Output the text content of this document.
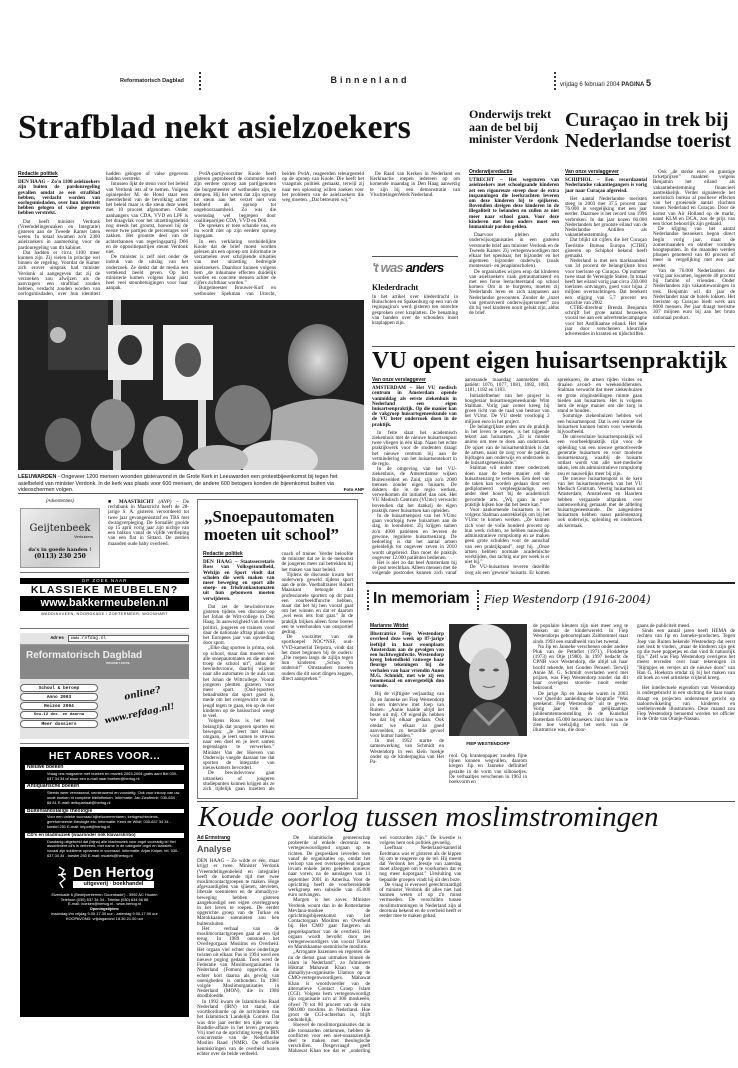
Reformatorisch Dagblad	Binnenland	vrijdag 6 februari 2004 PAGINA 5
Strafblad nekt asielzoekers

Redactie politiek

DEN HAAG – Zo'n 1100 asielzoekers zijn buiten de pardonregeling gevallen omdat ze een strafblad hebben, verdacht worden van oorlogsmisdaden, over hun identiteit hebben gelogen of valse gegevens hebben verstrekt.

Dat heeft minister Verdonk (Vreemdelingenzaken en Integratie) gisteren aan de Tweede Kamer laten weten. In totaal kwamen zo'n 2300 asielzoekers in aanmerking voor de pardonregeling van dit kabinet.

Dat hadden er circa 1100 meer kunnen zijn. Zij vielen in principe wel binnen de regeling. Voordat de Kamer zich erover uitsprak had minister Verdonk al aangegeven dat zij de verzoeken zou afwijzen als de aanvragers een strafblad zouden hebben, verdacht zouden worden van oorlogsmisdaden, over hun identiteit hadden gelogen of valse gegevens hadden verstrekt.

Intussen lijkt de steun voor het beleid van Verdonk iets af te nemen. Volgens opiniepeiler M. de Hond staat een meerderheid van de bevolking achter het beleid maar is die steun deze week met 10 procent afgenomen. Onder aanhangers van CDA, VVD en LPF is het draagvlak voor het uitzettingsbeleid nog steeds het grootst, hoewel bij de eerste twee partijen de percentages wel zakken. Het grootste deel van de achterbannen van regeringspartij D66 en de oppositiepartijen steunt Verdonk niet.

De minister is zelf niet onder de indruk van de uitslag van het onderzoek. Ze denkt dat de media een vertekend beeld geven. Op het ministerie komen volgens haar juist heel veel steunbetuigingen voor haar aanpak.

PvdA-partijvoorzitter Koole heeft gisteren geprobeerd de commotie rond zijn eerdere oproep aan partijgenoten die burgemeester of wethouder zijn, te dempen. Hij liet weten dat zijn oproep tot steun aan het verzet niet was bedoeld als oproep tot ongehoorzaamheid. Zo was die woensdag wel begrepen door coalitiepartijen CDA, VVD en D66.

De sprekers er toen schande van, en nu wordt niet op zijn eerdere oproep ingegaan.

In een verklaring verduidelijkte Koole dat de brief moest worden gelezen als een oproep om informatie te verzamelen over schrijnende situaties van met uitzetting bedreigde asielzoekers. Daardoor kunnen volgens hem „de inhumane effecten duidelijk worden en concrete mensen achter de cijfers zichtbaar worden.”

Burgemeester Brouwer-Korf en wethouder Spekman van Utrecht, beiden PvdA, reageerden teleurgesteld op de oproep van Koole. Die heeft het vraagstuk politiek gemaakt, terwijl zij naar een oplossing willen zoeken voor het probleem van de asielzoekers die weg moeten. „Dat betreuren wij.”

De Raad van Kerken in Nederland en Kerkinactie roepen iedereen op om komende maandag in Den Haag aanwezig te zijn bij een demonstratie van VluchtelingenWerk Nederland.

LEEUWARDEN - Ongeveer 1200 mensen woonden gisteravond in de Grote Kerk in Leeuwarden een protestbijeenkomst bij tegen het asielbeleid van minister Verdonk. In de kerk was plaats voor 600 mensen, de andere 600 betogers konden de bijeenkomst buiten via videoschermen volgen.	Foto ANP
't was anders
Klederdracht

In het artikel over klederdracht in Bunschoten en Spakenburg op een van de regiopagina's werd gisteren ten onrechte gesproken over kraplatten. De benaming van banden over de schouders moet kraplappen zijn.

Onderwijs trekt aan de bel bij minister Verdonk

Onderwijsredactie

UTRECHT – Het wegsturen van asielzoekers met schoolgaande kinderen zet een rigoureuze streep door de extra inspanningen die leerkrachten leveren om deze kinderen bij te spijkeren. Bovendien dreigen deze kinderen in de illegaliteit te belanden en zullen ze niet meer naar school gaan. Voor deze kinderen met hun ouders moet een humanitair pardon gelden.

Daarvoor pleiten acht onderwijsorganisaties in een gisteren verstuurde brief aan minister Verdonk en de Tweede Kamer. Zij vertegenwoordigen met elkaar het openbaar, het bijzonder en het algemeen bijzonder onderwijs (zoals montessori- en jenaplanscholen).

De organisaties wijzen erop dat kinderen van asielzoekers vaak getraumatiseerd en met een forse leerachterstand op school komen. Om in te burgeren, moeten zij Nederlands leren en zich aanpassen aan Nederlandse gewoonten. Zonder de „inzet van gemotiveerd onderwijspersoneel” zou dit bij veel kinderen nooit gelukt zijn, aldus de brief.

Curaçao in trek bij Nederlandse toerist

Van onze verslaggever

SCHIPHOL – Een recordaantal Nederlandse vakantiegangers is vorig jaar naar Curaçao afgereisd.

Het aantal Nederlandse toeristen steeg in 2003 met 37,5 procent naar 76.000 in vergelijking met een jaar eerder. Daarmee is het record van 1996 verbroken. In dat jaar kozen 66.000 Nederlanders het grootste eiland van de Nederlandse Antillen als vakantiebestemming.

Dat blijkt uit cijfers die het Curaçao Toerisme Bureau Europa (CTBE) gisteren op Schiphol bekend heeft gemaakt.

Nederland is met een marktaandeel van 34 procent de belangrijkste bron voor toerisme op Curaçao. Op nummer twee staat de Verenigde Staten. In totaal heeft het eiland vorig jaar circa 230.000 toeristen ontvangen, goed voor bijna 2 miljoen overnachtingen. Dat betekent een stijging van 5,7 procent ten opzichte van 2002.

CTBE-directeur Brenda Benjamin schrijft het grote aantal bezoekers vooral toe aan een advertentiecampagne voor het Antilliaanse eiland. Het hele jaar door verschenen kleurrijke advertenties in kranten en tijdschriften.

Ook „de sterke euro en gunstige ticketprijzen” maakten volgens Benjamin het eiland als vakantiebestemming financieel aantrekkelijk. Verder signaleerde het toeristisch bureau al positieve effecten van het groeiende aantal vluchten tussen Nederland en Curaçao. Door de komst van Air Holland op de markt, naast KLM en DCA, zou de prijs van een ticket behoorlijk zijn gedaald.

De stijging van het aantal Nederlandse bezoekers begon direct begin vorig jaar, maar de zomermaanden en oktober vormden hoogtepunten. In die maanden werden pluspen genoteerd van 60 procent of meer in vergelijking met een jaar eerder.

Van de 76.000 Nederlanders die vorig jaar kwamen, logeerde 40 procent bij familie of vrienden. Onder Nederlanders zijn vakantiewoningen in trek. Benjamin wil dit jaar de Nederlander naar de hotels lokken. Het toerisme op Curaçao biedt werk aan 8000 mensen. Per jaar draagt toerisme 307 miljoen euro bij aan het bruto nationaal product.

VU opent eigen huisartsenpraktijk

Van onze verslaggever

AMSTERDAM – Het VU medisch centrum in Amsterdam opende vanmiddag als eerste ziekenhuis in Nederland een eigen huisartsenpraktijk. Op die manier kan de vakgroep huisartsgeneeskunde van de VU beter onderzoek doen in de praktijk.

In feite slaat het academisch ziekenhuis met de nieuwe huisartsenpost twee vliegen in één klap. Naast het echte praktijkwerk voor de studenten draagt het nieuwe centrum bij aan de vermindering van het huisartsentekort in de regio.

In de omgeving van het VU-ziekenhuis, de Amsterdamse wijken Buitenveldert en Zuid, zijn zo'n 2000 mensen zonder eigen huisarts. De dokters die in de regio werken, verwelkomen dit initiatief dan ook. Het VU Medisch Centrum (VUmc) verwacht bovendien dat het dankzij de eigen praktijk meer huisartsen kan opleiden.

In de huisartsenpost van het VUmc gaan voorlopig twee huisartsen aan de slag, in loondienst. Zij krijgen samen zo'n 4000 patiënten en leveren de gewone, reguliere huisartsenzorg. De bedoeling is dat het aantal artsen geleidelijk tot ongeveer zeven in 2010 wordt uitgebreid. Dan moet de praktijk ongeveer 12.000 patiënten bedienen.

Het is niet zo dat heel Amsterdam bij de post terechtkan. Alleen mensen met de volgende postcodes kunnen zich vanaf aanstaande maandag aanmelden als patiënt: 1076, 1077, 1081, 1082, 1083, 1181, 1182 en 1183.

Initiatiefnemer van het project is hoogleraar huisartsengeneeskunde Wim Stalman. Vorig jaar zomer kreeg hij groen licht van de raad van bestuur van het VUmc. De VU steekt voorlopig 2 miljoen euro in het project.

De belangrijkste reden om de praktijk in het leven te roepen, is het nijpende tekort aan huisartsen. „Er is minder animo om mee te doen aan onderzoek. De opzet van de huisartsenkliniek is dat de artsen, naast de zorg voor de patiënt, bijdragen aan onderwijs en onderzoek in de huisartsgeneeskunde.”

Stalman wil onder meer onderzoek doen naar de beste manier om de huisartsenzorg te verlenen. Een deel van de taken kan worden gedaan door een gediplomeerd verpleegkundige, een ander deel hoort bij de academisch gevormde arts. „Wij gaan in onze praktijk kijken hoe dat het beste kan.”

Voor aankomende huisartsen is het volgens Stalman aantrekkelijk om bij het VUmc te komen werken. „Ze kunnen zich voor de volle honderd procent op hun werk richten, ze hebben nauwelijks administratieve rompslomp en ze maken geen grote schulden voor de aanschaf van een praktijkpand”, zegt hij. „Onze artsen hebben normale academische werktijden, dus tachtig uur per week is er niet bij.”

De VU-huisartsen leveren dezelfde zorg als een 'gewone' huisarts. Er komen spreekuren, de artsen rijden visites en draaien avond- en weekenddiensten. Stalman verwacht dat meer ziekenhuizen en grote zorginstellingen ruimte gaan bieden aan huisartsen. Het is volgens hem de enige manier om die zorg in stand te houden.

Sommige ziekenhuizen hebben wel een huisartsenpost. Dat is een ruimte die huisartsen kunnen huren voor weekends bijvoorbeeld.

De universitaire huisartsenpraktijk wil een voorbeeldpraktijk zijn voor de opleiding van een nieuwe gemotiveerde generatie huisartsen en voor moderne huisartsenzorg, waarbij de huisarts ontlast wordt van alle niet-medische taken, iets als administratieve rompslomp zou er nauwelijks meer bij zijn.

De nieuwe huisartsenpost is de kern van het huisartsennetwerk van het VU Medisch Centrum. Veertig huisartsen uit Amsterdam, Amstelveen en Haarlem hebben vergaande afspraken over samenwerking gemaakt met de afdeling huisartsgeneeskunde. De aangesloten huisartsen hebben naast patiëntenzorg ook onderwijs, opleiding en onderzoek als kerntaak.

(Advertenties)
Geijtenbeek
Verhuizers
da's in goede handen !
(0113) 230 250

■ MAASTRICHT (ANP) – De rechtbank in Maastricht heeft de 28-jarige S. A. gisteren veroordeeld tot twee jaar gevangenisstraf en TBS met dwangverpleging. De Somaliër gooide op 15 april vorig jaar zijn nichtje van een balkon vanaf de vijfde verdieping van een flat in Sittard. De zestien maanden oude baby overleed.

OP ZOEK NAAR
KLASSIEKE MEUBELEN?
www.bakkermeubelen.nl
WADDINXVEEN: NOORDKADE / ZOETERMEER: WOONHART
Adres	www.refdag.nl
Reformatorisch Dagblad
INTERNET EDITIE
School & beroep
Anno 2003
Reizen 2004
Sow-12 dec. en daarna
Meer dossiers
online?
www.refdag.nl!
HET ADRES VOOR...
Nieuwe boeken
Vraag ons magazine met boeken en muziek 2003-2004 gratis aan! Bel 030-637 34 34 of stuur een e-mail naar boeken@hertog.nl.
Antiquarische boeken
Steeds weer verrassend, vernieuwend en voordelig. Ook voor inkoop van uw oude boeken of complete bibliotheken. Informatie: Jan Zwoferink: 030-634 66 81 E-mail: antiquariaat@hertog.nl
Buitenlandstalige theologie
Voor een unieke voorraad bijbelcommentaren, kerkgeschiedenis, gereformeerde theologie etc. Informatie: Kees de Wildt: 030-637 34 34 - toestel 251 E-mail: import@hertog.nl
CD's en bladmuziek (waaronder ook klavarskribo)
Dusdanig uitgebreid dat (bijna) alle bladmuziek voor orgel voorradig is! Het assortiment cd's is verbreed, met name in de categorie orgel en klassiek-vocaal zijn sublieme opnamen in voorraad. Informatie: Arjan Kuiper, tel. 030-637 34 34 - toestel 250 E-mail: muziek@hertog.nl
Den Hertog
uitgeverij · boekhandel
Elzenkade 6 (Bedrijventerrein 'Doornkade') - 3992 AC Houten
Telefoon (030) 637 34 34 - Telefax (030) 634 66 88
E-mail: boeken@hertog.nl - www.hertog.nl
Openingstijden:
maandag t/m vrijdag 9.00-17.30 uur - zaterdag 9.00-17.00 uur
KOOPAVOND: vrijdagavond 18.30-21.00 uur
„Snoepautomaten moeten uit school”

Redactie politiek

DEN HAAG – Staatssecretaris Ross van Volksgezondheid, Welzijn en Sport vindt dat scholen die werk maken van meer beweging en sport alle snoep- en frisdrankautomaten uit hun gebouwen moeten verwijderen.

Dat zei de bewindsvrouw gisteren tijdens een discussie op het Johan de Witt-college in Den Haag. In aanwezigheid van diverse politici, jongeren en trainers vond daar de nationale aftrap plaats van het Europees jaar van opvoeding door sport.

„Elke dag sporten is prima, ook op school, maar dan moeten wel alle snoepautomaten en die andere troep de school uit”, aldus de bewindsvrouw, daarbij wijzend naar alle automaten in de aula van het Johan de Wittcollege. Vooral jongeren pleitten gisteren voor meer sport. (Oud-)sporters benadrukten dat sport goed is, mede om het overgewicht van de jeugd tegen te gaan, ten op de vier kinderen op de basisschool weegt te veel.

Volgens Ross is het heel belangrijk dat jongeren sporten en bewegen: „Je leert met elkaar omgaan, je leert samen te streven naar een doel en je leert samen tegenslagen te verwerken.” Minister Van der Hoeven van Onderwijs voegde daaraan toe dat sporten de integratie van nieuwkomers bevordert.

De bewindsvrouw gaat uitzoeken of jongeren studiepunten kunnen krijgen als ze zich tijdelijk gaan inzetten als coach of trainer. Verder beloofde de minister dat ze in de toekomst de jongeren meer zal betrekken bij het maken van haar beleid.

Tijdens de discussie kwam het onderwerp geweld tijdens sport aan de orde. Voetbaltrainer Robert Maaskant betoogde dat professionele sporters op dit punt een voorbeeldfunctie hebben, maar dat het bij hen vooral gaat om het winnen en dat er daarom „wel eens iets fout gaat.” In de praktijk blijken alleen forse boetes een te weerhouden van onsportief gedrag.

De voorzitter van de sportkoepel NOC*NSF, oud-VVD-kamerlid Terpstra, vindt dat het moet beginnen bij de ouders: „Die roepen langs de zijlijn tegen hun kinderen: „Schop 'm onderuit!” Omstanders moeten ouders die dit soort dingen zeggen, direct aanspreken.”

In memoriam Fiep Westendorp (1916-2004)

Marianne Witdet

Illustratrice Fiep Westendorp overleed deze week op 87-jarige leeftijd in haar woonplaats Amsterdam aan de gevolgen van een luchtweginfectie. Westendorp kreeg bekendheid vanwege haar fleurige tekeningen bij de verhalen van haar vriendin Annie M.G. Schmidt, met wie zij een fenomenaal en onvergetelijk duo vormde.

Bij de vijftigste verjaardag van Jip en Janneke zei Fiep Westendorp in een interview met Joep van Ruiten: „Annie haalde altijd het beste uit mij. Of eigenlijk hebben we dat bij elkaar gedaan. Ook omdat we elkaar zo goed aanvoelden, zo hetzelfde gevoel voor humor hadden.”

In mei 1952 startte de samenwerking van Schmidt en Westendorp in een klein hoekje onder op de kinderpagina van Het Pa-

FIEP WESTENDORP

rool. Op krantenpapier zouden fijne lijnen kunnen wegvallen, daarom kregen Jip en Janneke definitief gestalte in de vorm van silhouetjes. De verhaaltjes verschenen in 1963 in boekvorm en

de populaire kleuters zijn niet meer weg te denken uit de kinderwereld. In Fiep Westendorps geboorteplaats Zaltbommel staat sinds 1993 een standbeeld van het tweetal.

Na Jip en Janneke verschenen onder andere Pluk van de Petteflet (1971), Floddertje (1973) en Otje (1980). In 1997 bedacht de CPNB voor Westendorp, die altijd uit haar hoofd tekende, het Gouden Penseel. Terwijl Annie M. G. Schmidt overladen werd met prijzen, was Fiep Westendorp zonder dat dit haar overigens stoorde- nooit eerder bekroond.

De jarige Jip en Janneke waren in 2003 voor Querido aanleiding de biografie "Was getekend: Fiep Westendorp" uit te geven. Vorig jaar trok de gelijknamige jubileumtentoonstelling in de Kunsthal Rotterdam 65.000 bezoekers. Juist hier was te zien hoe veelzijdig het werk van de illustratrice was, die door-

gaans de publiciteit meed.

Sinds een aantal jaren heeft HEMA de rechten van Jip en Janneke-producten. Tegen Joep van Ruiten bekende Westendorp dat eerst niet leuk te vinden, „maar de kinderen zijn gek op die twee poppetjes en dan vind ik natuurlijk fijn.” Zelf was Fiep Westendorp overigens het meest tevreden over haar tekeningen in "Rijmpjes en versjes uit de nieuwe doos" van Han G. Hoekstra omdat zij bij het maken van dit boek zo veel artistieke vrijheid kreeg.

Het intellectuele eigendom van Westendorp is ondergebracht in een stichting die haar naam draagt en projecten ondersteunt gericht op taalontwikkeling van kinderen en veelbelovende illustratoren. Deze maand zou Fiep Westendorp benoemd worden tot officier in de Orde van Oranje-Nassau.

Koude oorlog tussen moslimstromingen

Ad Ermstrang

Analyse

DEN HAAG – Ze wilde er één, maar krijgt er twee. Minister Verdonk (Vreemdelingenbeleid en integratie) heeft de komende tijd met twee moslimcontactgroepen te maken. Hoge afgevaardigden van sjiieten, alevieten, liberale soennieten en de ahmadiyya-beweging hebben gisteren aangekondigd een eigen overleggroep in het leven te roepen. De eerder opgerichte groep van de Turkse en Marokkaanse soennieten zou hen buitensluiten.

Het verhaal van de moslimcontactgroepen gaat al een tijd terug. In 1989 ontstond het Overlegorgaan Moslims en Overheid. Het orgaan viel echter door onderlinge twisten uit elkaar. Pas in 1994 werd een nieuwe poging gedaan. Toen werd de Federatie van Moslimorganisaties in Nederland (Fomon) opgericht, die echter kort daarna als gevolg van onenigheden is ontbonden. In 1981 volgde Moslimorganisaties in Nederland (MON), die in 1986 doodbloedde.

In 1992 kwam de Islamitische Raad Nederland (IRN) tot stand, die voortborduurde op de activiteiten van het Islamitisch Landelijk Comité. Dat was drie jaar eerder ten tijde van de Rushdie-affaire in het leven geroepen. Vrij snel na de oprichting kreeg de IRN concurrentie van de Nederlandse Moslim Raad (NMR). De officiële kenniskringen van de overheid waren echter over de beide verdeeld.

De islamitische gemeenschap probeerde al enkele decennia een vertegenwoordigend orgaan op te richten. De gesprekken leverden toen vanaf de organisaties op, omdat het verloop van een overkoepelend orgaan lovam enkele jaren geleden opnieuw naar voren, na de aanslagen van 11 september 2001 in Amerika. Voor de oprichting heeft de voorbereidende werkgroep een subsidie van 45.000 euro ontvangen.

Morgen is het zover. Minister Verdonk woont dan in de Rotterdamse Mevlana-moskee de oprichtingsbijeenkomst van het Contactorgaan Moslims en Overheid bij. Het CMO gaat fungeren als gesprekspartner van de overheid. Het orgaan wordt bevolkt door zes vertegenwoordigers van vooral Turkse en Marokkaanse soennitische moslims.

„Arrogante bazennen en regenten die nu de dienst gaan uitmaken binnen de islam in Nederland”, zo fulmineert Hikmat Mahawat Khan van de ahmadiyya-organisatie Ulamon op de CMO-vertegenwoordigers. Mahawat Khan is woordvoerder van de alternatieve Contact Groep Islam (CGI). Volgens hem vertegenwoordigt zijn organisatie zo'n al 300 moskeeën, ofwel 70 tot 80 procent van de ruim 900.000 moslims in Nederland. Hoe groot de CGI-achterban is, blijft onduidelijk.

Hoewel de moslimorganisaties dat in alle toonaarden ontkennen, hebben de conflicten voor een niet-onaanzienlijk deel te maken met theologische verschillen. Desgevraagd geeft Mahawat Khan toe dat er „onderling wel voorzorden zijn.” De kwestie is volgens hem ook politiek gevoelig.

Leefbaar Nederland-kamerlid Eerdmans was er gisteren als de kippen bij om te reageren op de rel. Hij meent dat Verdonk het „feestje van zaterdag moet afzeggen om te voorkomen dat er nog meer kopotgaat.” Uitsluiting van bepaalde groepen vindt hij uit den boze.

De vraag is evenwel gerechtvaardigd of minister Verdonk dit alles niet had kunnen weten of op z'n minst vermoeden. De verschillen tussen moslimstromingen in Nederland zijn al decennia bekend en de overheid heeft er eerder mee te maken gehad.
